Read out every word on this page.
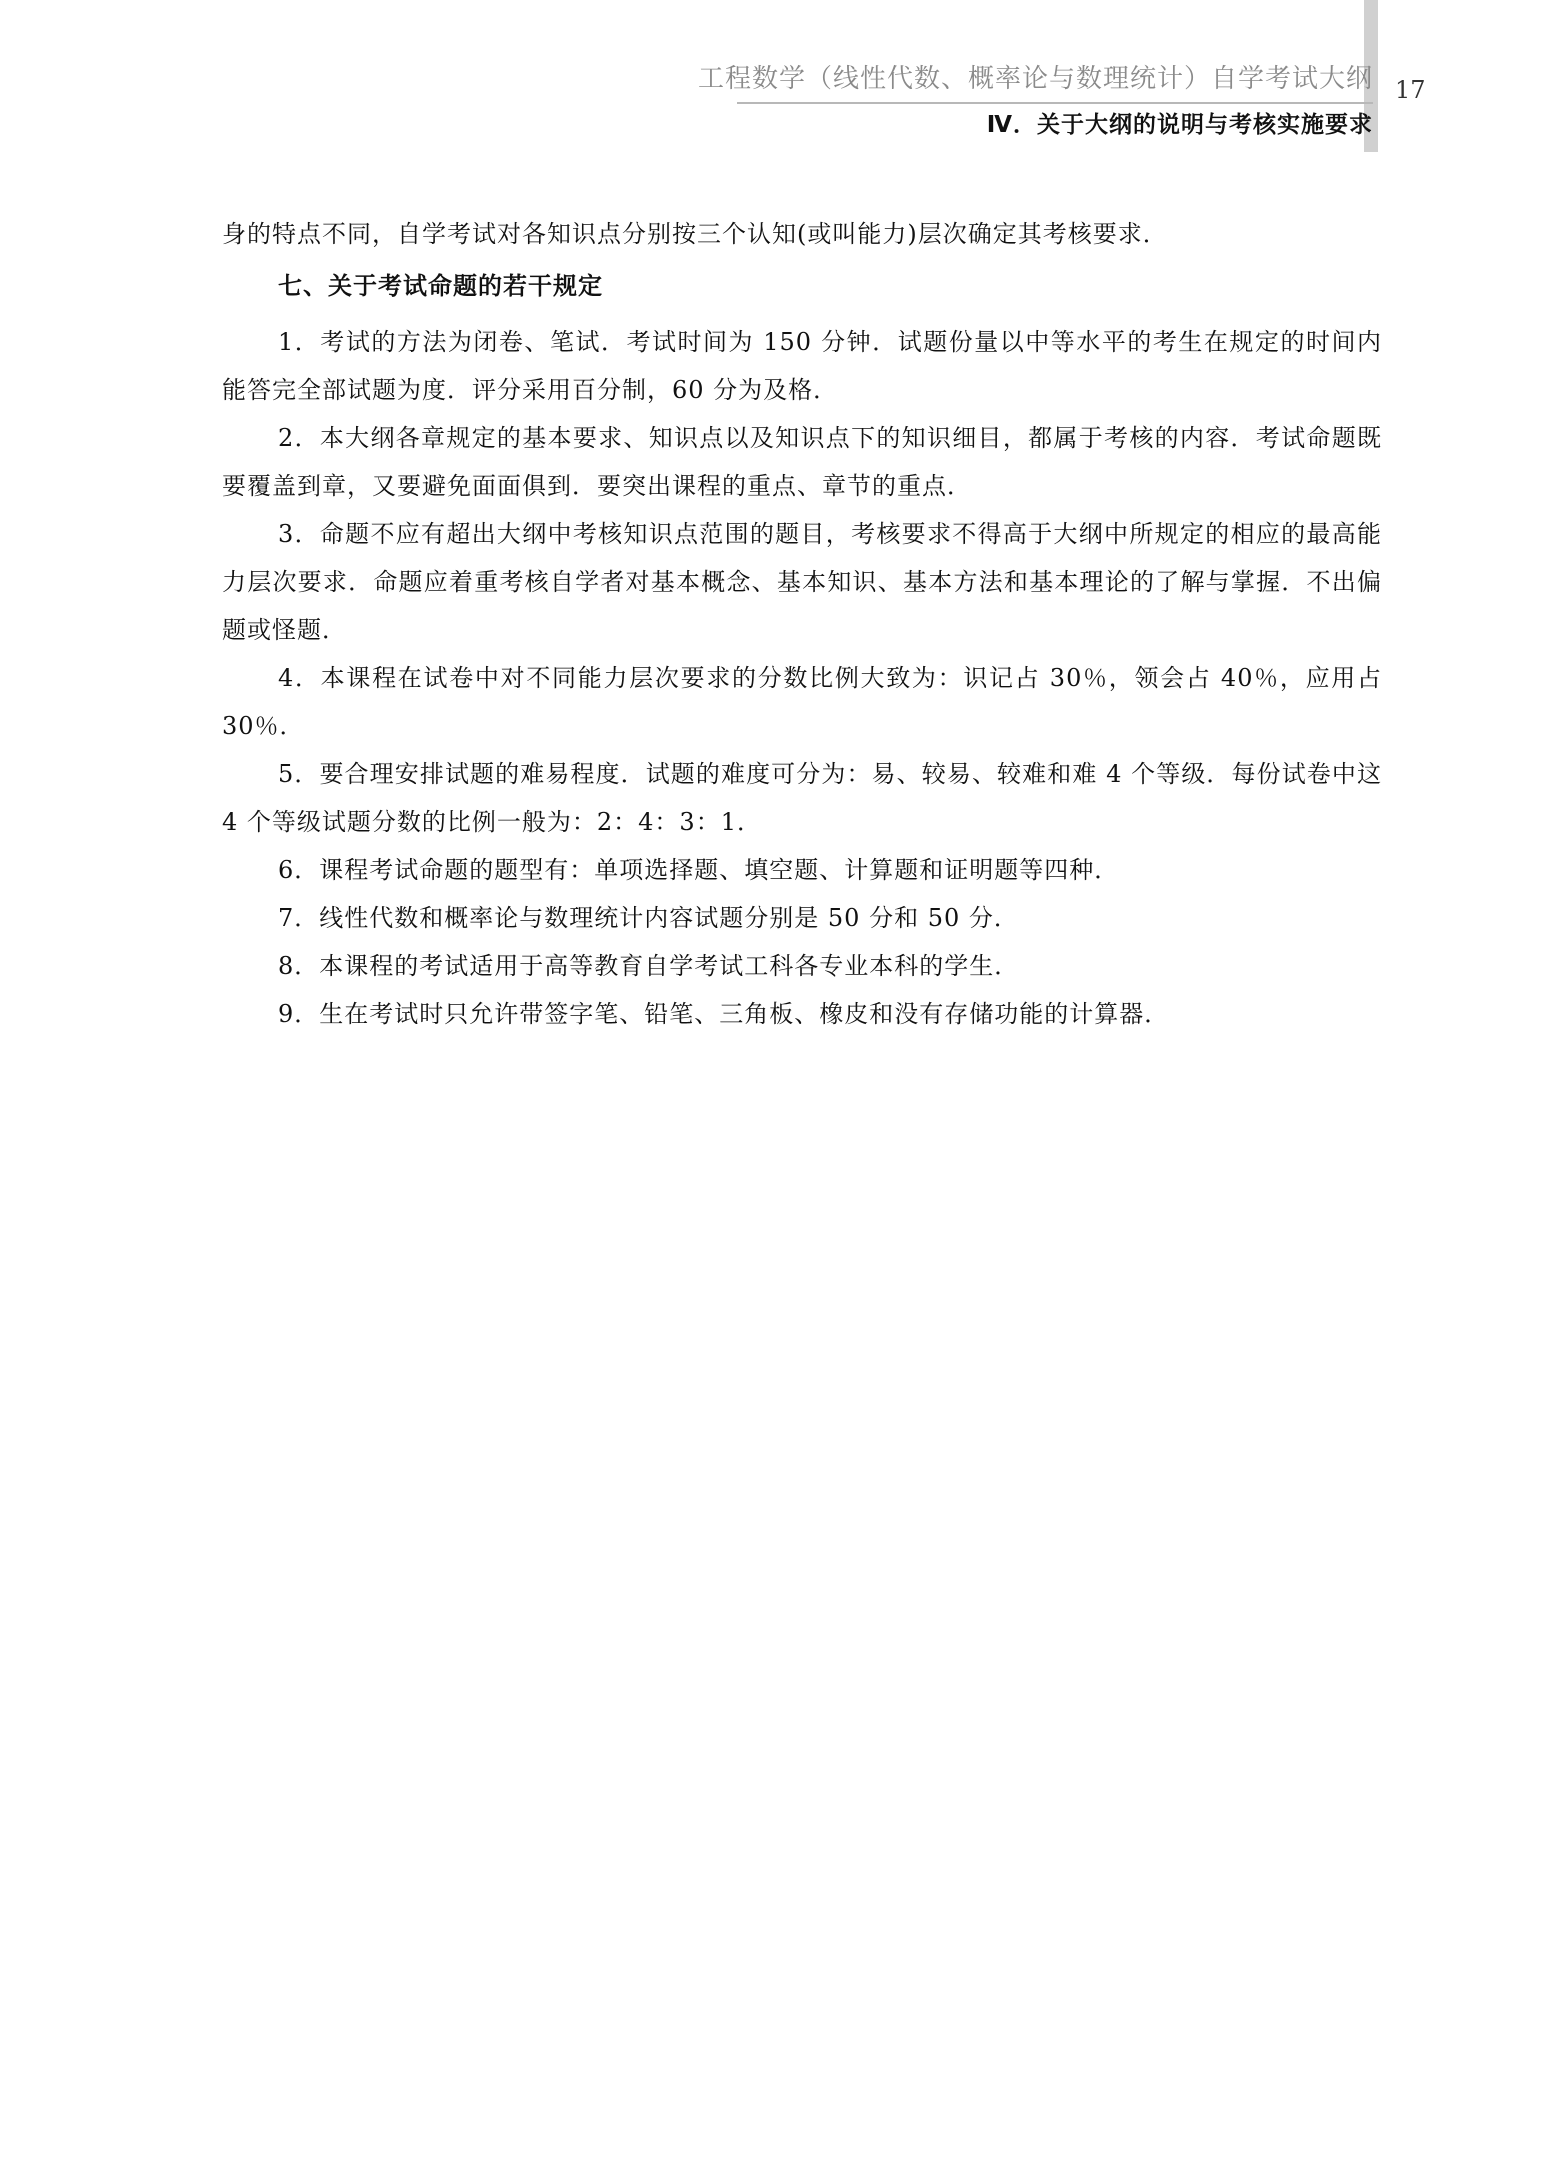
工程数学（线性代数、概率论与数理统计）自学考试大纲
Ⅳ．关于大纲的说明与考核实施要求
17

身的特点不同，自学考试对各知识点分别按三个认知(或叫能力)层次确定其考核要求．

七、关于考试命题的若干规定

1．考试的方法为闭卷、笔试．考试时间为 150 分钟．试题份量以中等水平的考生在规定的时间内能答完全部试题为度．评分采用百分制，60 分为及格．

2．本大纲各章规定的基本要求、知识点以及知识点下的知识细目，都属于考核的内容．考试命题既要覆盖到章，又要避免面面俱到．要突出课程的重点、章节的重点．

3．命题不应有超出大纲中考核知识点范围的题目，考核要求不得高于大纲中所规定的相应的最高能力层次要求．命题应着重考核自学者对基本概念、基本知识、基本方法和基本理论的了解与掌握．不出偏题或怪题．

4．本课程在试卷中对不同能力层次要求的分数比例大致为：识记占 30％，领会占 40％，应用占 30％．

5．要合理安排试题的难易程度．试题的难度可分为：易、较易、较难和难 4 个等级．每份试卷中这 4 个等级试题分数的比例一般为：2：4：3：1．

6．课程考试命题的题型有：单项选择题、填空题、计算题和证明题等四种．

7．线性代数和概率论与数理统计内容试题分别是 50 分和 50 分．

8．本课程的考试适用于高等教育自学考试工科各专业本科的学生．

9．生在考试时只允许带签字笔、铅笔、三角板、橡皮和没有存储功能的计算器．
